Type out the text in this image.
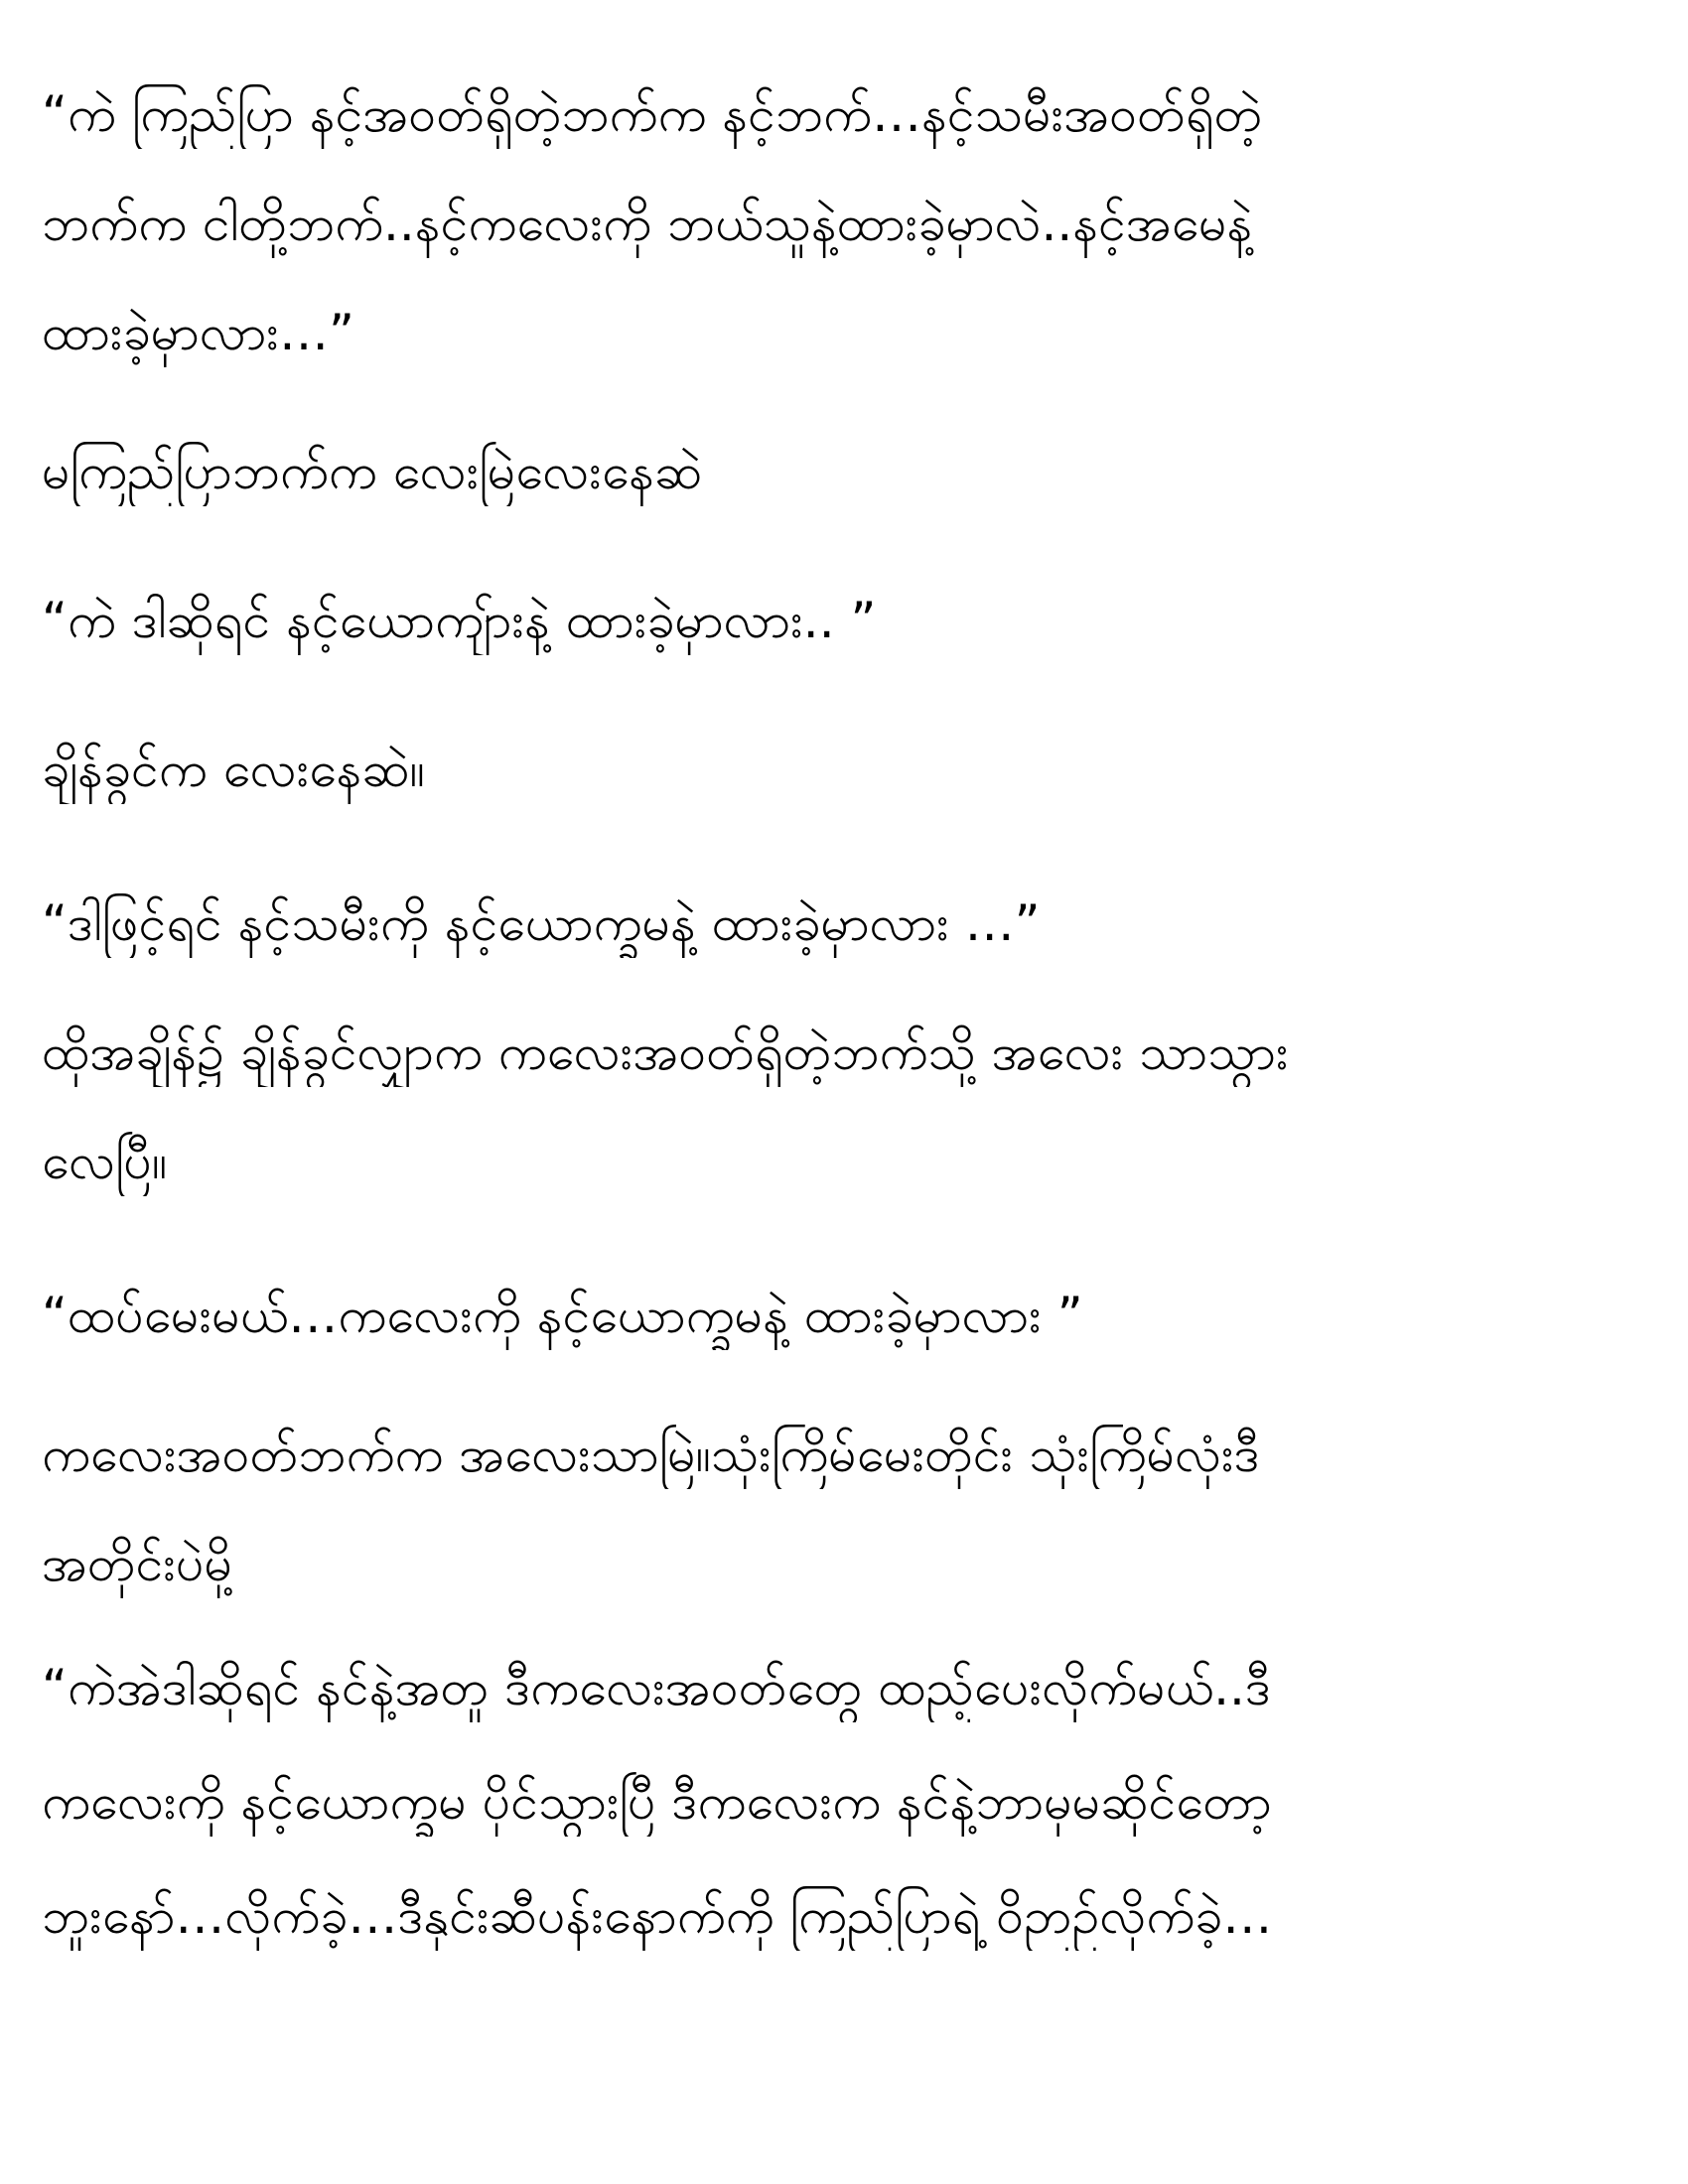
“ကဲ ကြည်ပြာ နင့်အဝတ်ရှိတဲ့ဘက်က နင့်ဘက်…နင့်သမီးအဝတ်ရှိတဲ့

ဘက်က ငါတို့ဘက်..နင့်ကလေးကို ဘယ်သူနဲ့ထားခဲ့မှာလဲ..နင့်အမေနဲ့

ထားခဲ့မှာလား…”

မကြည်ပြာဘက်က လေးမြဲလေးနေဆဲ

“ကဲ ဒါဆိုရင် နင့်ယောကျ်ားနဲ့ ထားခဲ့မှာလား.. ”

ချိန်ခွင်က လေးနေဆဲ။

“ဒါဖြင့်ရင် နင့်သမီးကို နင့်ယောက္ခမနဲ့ ထားခဲ့မှာလား …”

ထိုအချိန်၌ ချိန်ခွင်လျှာက ကလေးအဝတ်ရှိတဲ့ဘက်သို့ အလေး သာသွား

လေပြီ။

“ထပ်မေးမယ်…ကလေးကို နင့်ယောက္ခမနဲ့ ထားခဲ့မှာလား ”

ကလေးအဝတ်ဘက်က အလေးသာမြဲ။သုံးကြိမ်မေးတိုင်း သုံးကြိမ်လုံးဒီ

အတိုင်းပဲမို့

“ကဲအဲဒါဆိုရင် နင်နဲ့အတူ ဒီကလေးအဝတ်တွေ ထည့်ပေးလိုက်မယ်..ဒီ

ကလေးကို နင့်ယောက္ခမ ပိုင်သွားပြီ ဒီကလေးက နင်နဲ့ဘာမှမဆိုင်တော့

ဘူးနော်…လိုက်ခဲ့…ဒီနှင်းဆီပန်းနောက်ကို ကြည်ပြာရဲ့ ဝိဉာဉ်လိုက်ခဲ့…
